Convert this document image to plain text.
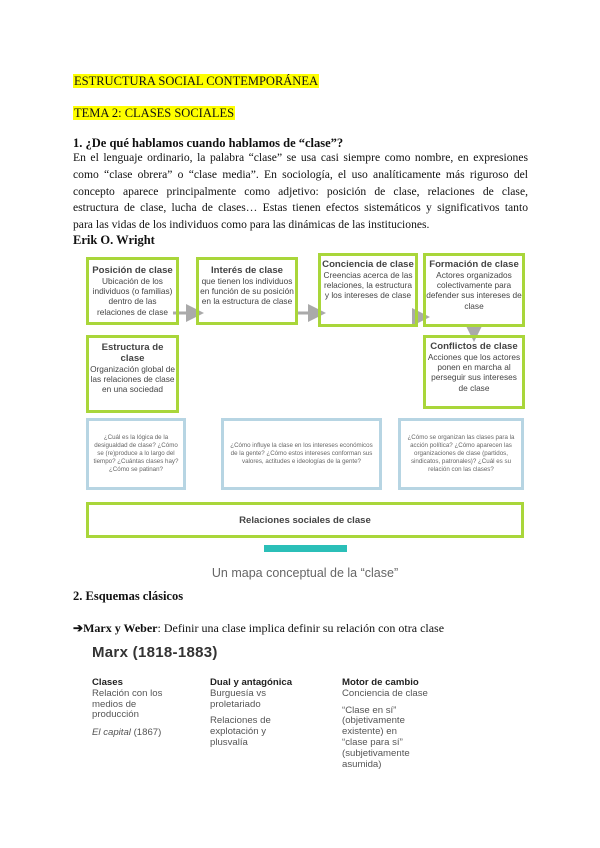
ESTRUCTURA SOCIAL CONTEMPORÁNEA
TEMA 2: CLASES SOCIALES
1. ¿De qué hablamos cuando hablamos de “clase”?
En el lenguaje ordinario, la palabra “clase” se usa casi siempre como nombre, en expresiones
como “clase obrera” o “clase media”. En sociología, el uso analíticamente más riguroso del
concepto aparece principalmente como adjetivo: posición de clase, relaciones de clase,
estructura de clase, lucha de clases… Estas tienen efectos sistemáticos y significativos tanto
para las vidas de los individuos como para las dinámicas de las instituciones.
Erik O. Wright
Posición de clase
Ubicación de los individuos (o familias) dentro de las relaciones de clase
Interés de clase
que tienen los individuos en función de su posición en la estructura de clase
Conciencia de clase
Creencias acerca de las relaciones, la estructura y los intereses de clase
Formación de clase
Actores organizados colectivamente para defender sus intereses de clase
Estructura de clase
Organización global de las relaciones de clase en una sociedad
Conflictos de clase
Acciones que los actores ponen en marcha al perseguir sus intereses de clase
¿Cuál es la lógica de la desigualdad de clase? ¿Cómo se (re)produce a lo largo del tiempo? ¿Cuántas clases hay? ¿Cómo se patinan?
¿Cómo influye la clase en los intereses económicos de la gente? ¿Cómo estos intereses conforman sus valores, actitudes e ideologías de la gente?
¿Cómo se organizan las clases para la acción política? ¿Cómo aparecen las organizaciones de clase (partidos, sindicatos, patronales)? ¿Cuál es su relación con las clases?
Relaciones sociales de clase
Un mapa conceptual de la “clase”
2. Esquemas clásicos
➔Marx y Weber: Definir una clase implica definir su relación con otra clase
Marx (1818-1883)
Clases
Relación con los
medios de
producción
El capital (1867)
Dual y antagónica
Burguesía vs
proletariado
Relaciones de
explotación y
plusvalía
Motor de cambio
Conciencia de clase
“Clase en sí”
(objetivamente
existente) en
“clase para sí”
(subjetivamente
asumida)
